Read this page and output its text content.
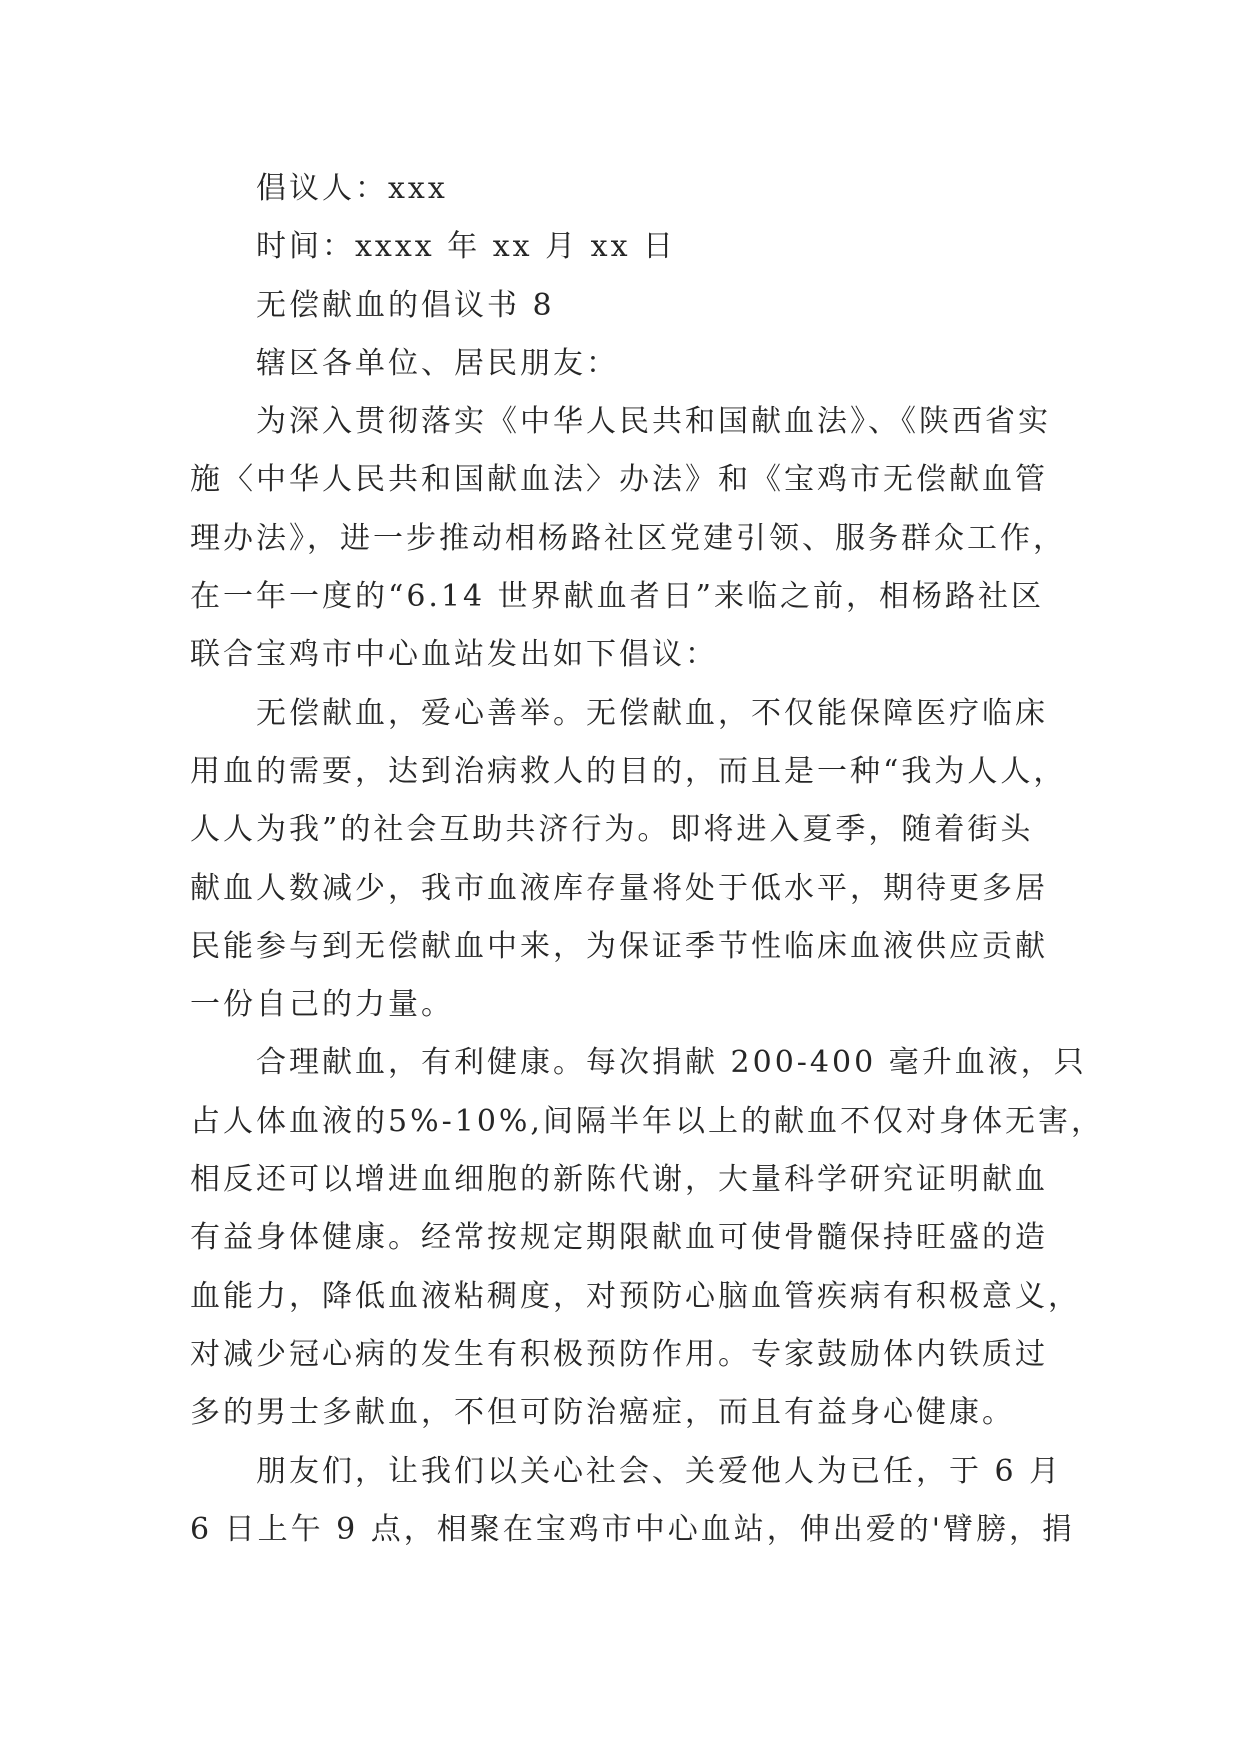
倡议人：xxx
时间：xxxx 年 xx 月 xx 日
无偿献血的倡议书 8
辖区各单位、居民朋友：
为深入贯彻落实《中华人民共和国献血法》、《陕西省实
施〈中华人民共和国献血法〉办法》和《宝鸡市无偿献血管
理办法》，进一步推动相杨路社区党建引领、服务群众工作，
在一年一度的“6.14 世界献血者日”来临之前，相杨路社区
联合宝鸡市中心血站发出如下倡议：
无偿献血，爱心善举。无偿献血，不仅能保障医疗临床
用血的需要，达到治病救人的目的，而且是一种“我为人人，
人人为我”的社会互助共济行为。即将进入夏季，随着街头
献血人数减少，我市血液库存量将处于低水平，期待更多居
民能参与到无偿献血中来，为保证季节性临床血液供应贡献
一份自己的力量。
合理献血，有利健康。每次捐献 200-400 毫升血液，只
占人体血液的5%-10%,间隔半年以上的献血不仅对身体无害，
相反还可以增进血细胞的新陈代谢，大量科学研究证明献血
有益身体健康。经常按规定期限献血可使骨髓保持旺盛的造
血能力，降低血液粘稠度，对预防心脑血管疾病有积极意义，
对减少冠心病的发生有积极预防作用。专家鼓励体内铁质过
多的男士多献血，不但可防治癌症，而且有益身心健康。
朋友们，让我们以关心社会、关爱他人为已任，于 6 月
6 日上午 9 点，相聚在宝鸡市中心血站，伸出爱的'臂膀，捐
